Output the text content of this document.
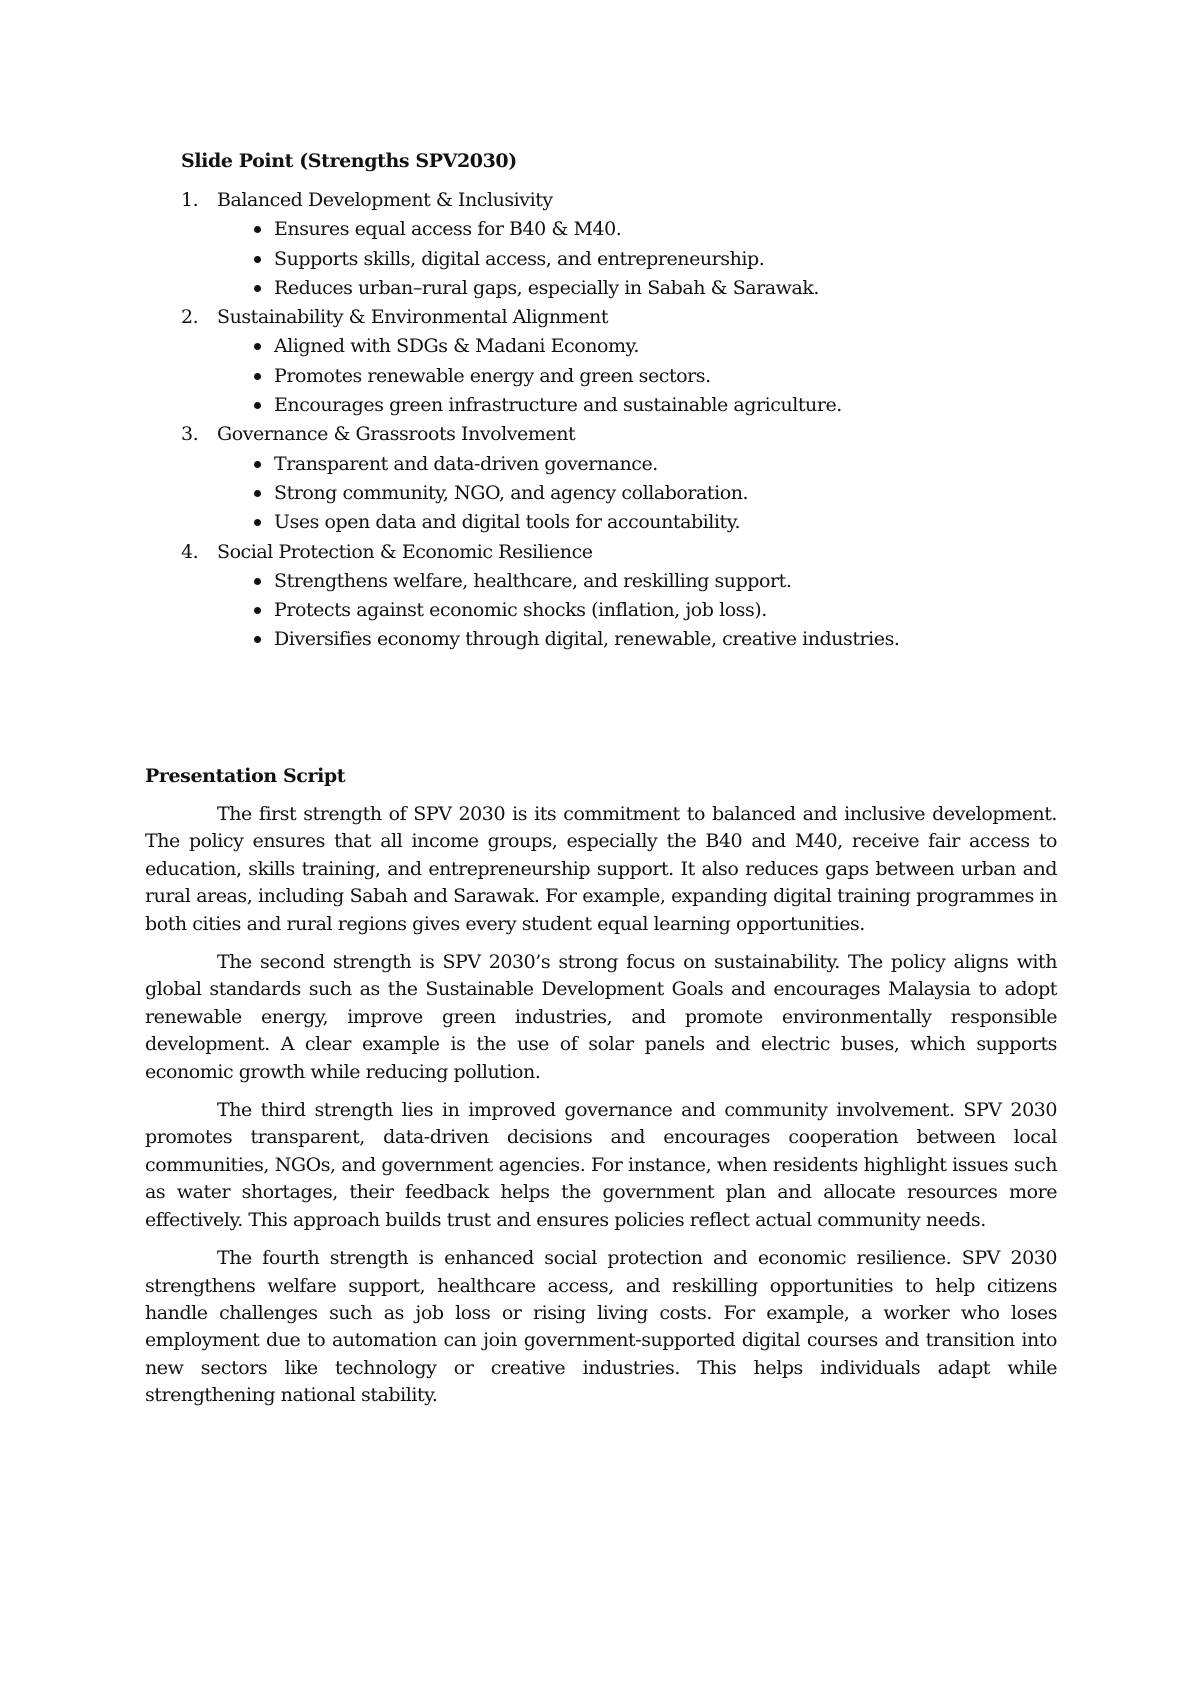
Slide Point (Strengths SPV2030)
1. Balanced Development & Inclusivity
Ensures equal access for B40 & M40.
Supports skills, digital access, and entrepreneurship.
Reduces urban–rural gaps, especially in Sabah & Sarawak.
2. Sustainability & Environmental Alignment
Aligned with SDGs & Madani Economy.
Promotes renewable energy and green sectors.
Encourages green infrastructure and sustainable agriculture.
3. Governance & Grassroots Involvement
Transparent and data-driven governance.
Strong community, NGO, and agency collaboration.
Uses open data and digital tools for accountability.
4. Social Protection & Economic Resilience
Strengthens welfare, healthcare, and reskilling support.
Protects against economic shocks (inflation, job loss).
Diversifies economy through digital, renewable, creative industries.
Presentation Script

The first strength of SPV 2030 is its commitment to balanced and inclusive development. The policy ensures that all income groups, especially the B40 and M40, receive fair access to education, skills training, and entrepreneurship support. It also reduces gaps between urban and rural areas, including Sabah and Sarawak. For example, expanding digital training programmes in both cities and rural regions gives every student equal learning opportunities.

The second strength is SPV 2030’s strong focus on sustainability. The policy aligns with global standards such as the Sustainable Development Goals and encourages Malaysia to adopt renewable energy, improve green industries, and promote environmentally responsible development. A clear example is the use of solar panels and electric buses, which supports economic growth while reducing pollution.

The third strength lies in improved governance and community involvement. SPV 2030 promotes transparent, data-driven decisions and encourages cooperation between local communities, NGOs, and government agencies. For instance, when residents highlight issues such as water shortages, their feedback helps the government plan and allocate resources more effectively. This approach builds trust and ensures policies reflect actual community needs.

The fourth strength is enhanced social protection and economic resilience. SPV 2030 strengthens welfare support, healthcare access, and reskilling opportunities to help citizens handle challenges such as job loss or rising living costs. For example, a worker who loses employment due to automation can join government-supported digital courses and transition into new sectors like technology or creative industries. This helps individuals adapt while strengthening national stability.
